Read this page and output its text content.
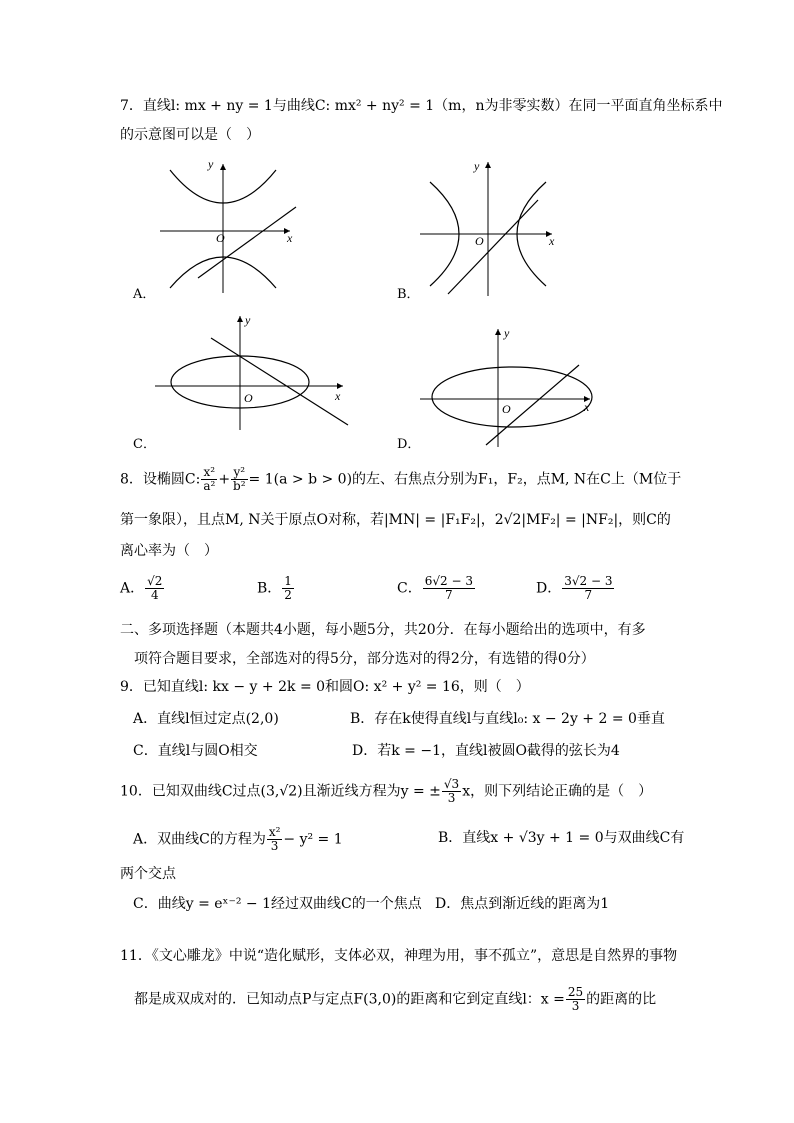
7．直线l: mx + ny = 1与曲线C: mx² + ny² = 1（m，n为非零实数）在同一平面直角坐标系中
的示意图可以是（　）
O	x
y
A．
O	x
y
B．
O	x
y
C．
O	x
y
D．
8．设椭圆C: $\frac{\text{x²}}{\text{a²}} + \frac{\text{y²}}{\text{b²}} = 1(a > b > 0)$的左、右焦点分别为F₁，F₂，点M, N在C上（M位于
第一象限），且点M, N关于原点O对称，若|MN| = |F₁F₂|，2√2|MF₂| = |NF₂|，则C的
离心率为（　）
A． $\frac{√2}{4}$	B． $\frac{1}{2}$	C． $\frac{6√2 - 3}{7}$	D． $\frac{3√2 - 3}{7}$
二、多项选择题（本题共4小题，每小题5分，共20分．在每小题给出的选项中，有多
项符合题目要求，全部选对的得5分，部分选对的得2分，有选错的得0分）
9．已知直线l: kx − y + 2k = 0和圆O: x² + y² = 16，则（　）
A．直线l恒过定点(2,0)	B．存在k使得直线l与直线l₀: x − 2y + 2 = 0垂直
C．直线l与圆O相交	D．若k = −1，直线l被圆O截得的弦长为4
10．已知双曲线C过点(3,√2)且渐近线方程为y = ± $\frac{√3}{3}$ x，则下列结论正确的是（　）
A．双曲线C的方程为 $\frac{\text{x²}}{3} - y^2 = 1$	B．直线x + √3y + 1 = 0与双曲线C有
两个交点
C．曲线y = eˣ⁻² − 1经过双曲线C的一个焦点 D．焦点到渐近线的距离为1
11．《文心雕龙》中说“造化赋形，支体必双，神理为用，事不孤立”，意思是自然界的事物
都是成双成对的．已知动点P与定点F(3,0)的距离和它到定直线l：$x = \frac{25}{3}$ 的距离的比
